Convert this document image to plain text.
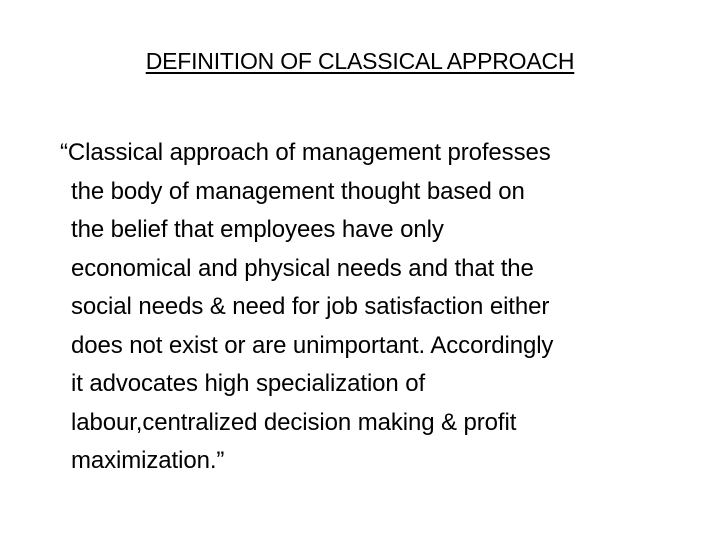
DEFINITION OF CLASSICAL APPROACH
“Classical approach of management professes
the body of management thought based on
the belief that employees have only
economical and physical needs and that the
social needs & need for job satisfaction either
does not exist or are unimportant. Accordingly
it advocates high specialization of
labour,centralized decision making & profit
maximization.”
